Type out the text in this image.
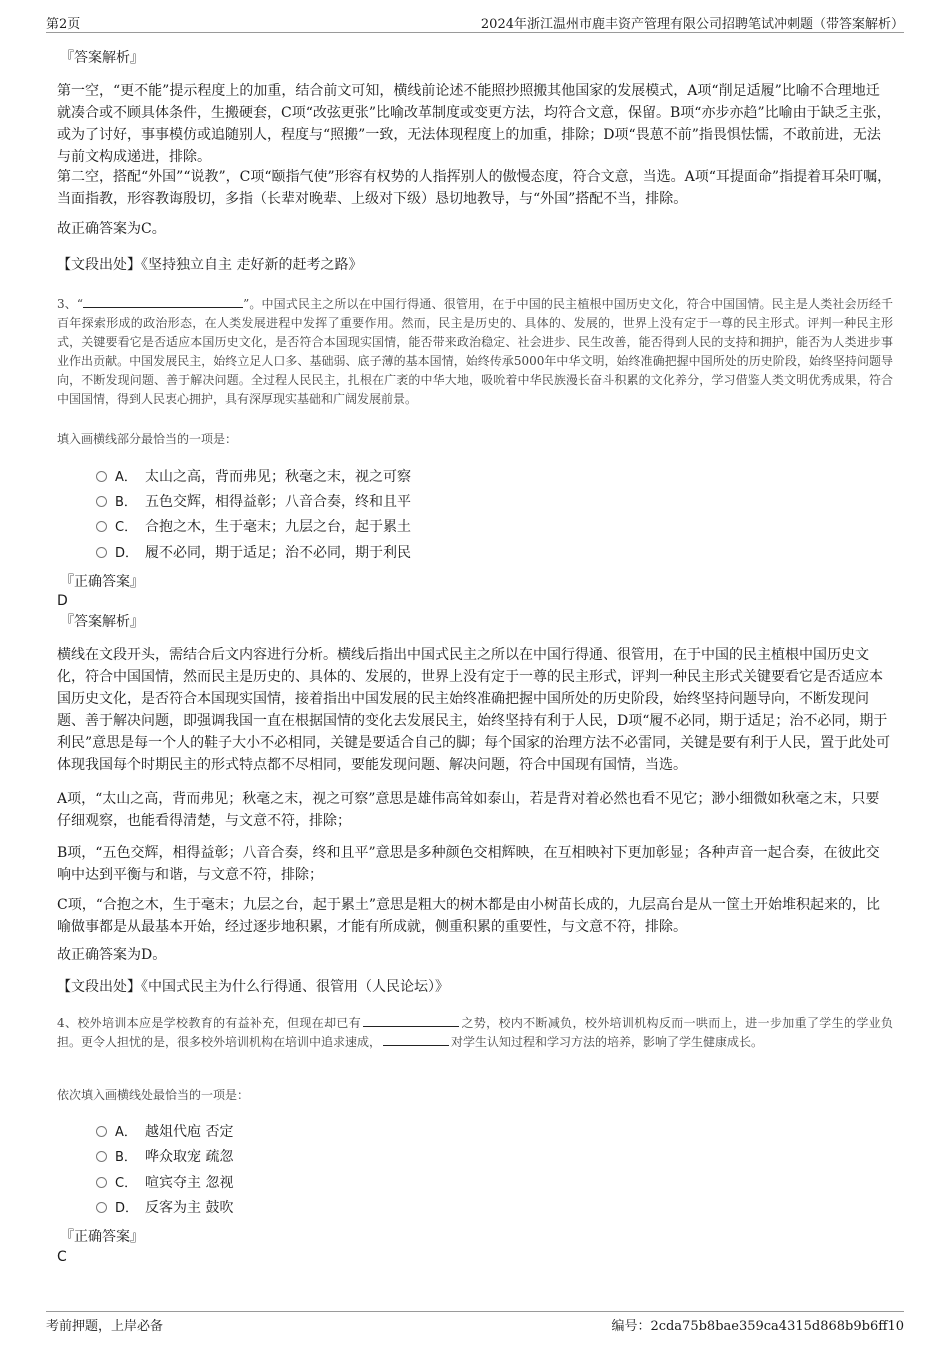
第2页	2024年浙江温州市鹿丰资产管理有限公司招聘笔试冲刺题（带答案解析）
『答案解析』

第一空，“更不能”提示程度上的加重，结合前文可知，横线前论述不能照抄照搬其他国家的发展模式，A项“削足适履”比喻不合理地迁就凑合或不顾具体条件，生搬硬套，C项“改弦更张”比喻改革制度或变更方法，均符合文意，保留。B项“亦步亦趋”比喻由于缺乏主张，或为了讨好，事事模仿或追随别人，程度与“照搬”一致，无法体现程度上的加重，排除；D项“畏葸不前”指畏惧怯懦，不敢前进，无法与前文构成递进，排除。

第二空，搭配“外国”“说教”，C项“颐指气使”形容有权势的人指挥别人的傲慢态度，符合文意，当选。A项“耳提面命”指提着耳朵叮嘱，当面指教，形容教诲殷切，多指（长辈对晚辈、上级对下级）恳切地教导，与“外国”搭配不当，排除。

故正确答案为C。

【文段出处】《坚持独立自主 走好新的赶考之路》

3、“	”。中国式民主之所以在中国行得通、很管用，在于中国的民主植根中国历史文化，符合中国国情。民主是人类社会历经千百年探索形成的政治形态，在人类发展进程中发挥了重要作用。然而，民主是历史的、具体的、发展的，世界上没有定于一尊的民主形式。评判一种民主形式，关键要看它是否适应本国历史文化，是否符合本国现实国情，能否带来政治稳定、社会进步、民生改善，能否得到人民的支持和拥护，能否为人类进步事业作出贡献。中国发展民主，始终立足人口多、基础弱、底子薄的基本国情，始终传承5000年中华文明，始终准确把握中国所处的历史阶段，始终坚持问题导向，不断发现问题、善于解决问题。全过程人民民主，扎根在广袤的中华大地，吸吮着中华民族漫长奋斗积累的文化养分，学习借鉴人类文明优秀成果，符合中国国情，得到人民衷心拥护，具有深厚现实基础和广阔发展前景。

填入画横线部分最恰当的一项是：

A． 太山之高，背而弗见；秋毫之末，视之可察
B． 五色交辉，相得益彰；八音合奏，终和且平
C． 合抱之木，生于毫末；九层之台，起于累土
D． 履不必同，期于适足；治不必同，期于利民
『正确答案』
D
『答案解析』

横线在文段开头，需结合后文内容进行分析。横线后指出中国式民主之所以在中国行得通、很管用，在于中国的民主植根中国历史文化，符合中国国情，然而民主是历史的、具体的、发展的，世界上没有定于一尊的民主形式，评判一种民主形式关键要看它是否适应本国历史文化，是否符合本国现实国情，接着指出中国发展的民主始终准确把握中国所处的历史阶段，始终坚持问题导向，不断发现问题、善于解决问题，即强调我国一直在根据国情的变化去发展民主，始终坚持有利于人民，D项“履不必同，期于适足；治不必同，期于利民”意思是每一个人的鞋子大小不必相同，关键是要适合自己的脚；每个国家的治理方法不必雷同，关键是要有利于人民，置于此处可体现我国每个时期民主的形式特点都不尽相同，要能发现问题、解决问题，符合中国现有国情，当选。

A项，“太山之高，背而弗见；秋毫之末，视之可察”意思是雄伟高耸如泰山，若是背对着必然也看不见它；渺小细微如秋毫之末，只要仔细观察，也能看得清楚，与文意不符，排除；

B项，“五色交辉，相得益彰；八音合奏，终和且平”意思是多种颜色交相辉映，在互相映衬下更加彰显；各种声音一起合奏，在彼此交响中达到平衡与和谐，与文意不符，排除；

C项，“合抱之木，生于毫末；九层之台，起于累土”意思是粗大的树木都是由小树苗长成的，九层高台是从一筐土开始堆积起来的，比喻做事都是从最基本开始，经过逐步地积累，才能有所成就，侧重积累的重要性，与文意不符，排除。

故正确答案为D。

【文段出处】《中国式民主为什么行得通、很管用（人民论坛）》

4、校外培训本应是学校教育的有益补充，但现在却已有	之势，校内不断减负，校外培训机构反而一哄而上，进一步加重了学生的学业负担。更令人担忧的是，很多校外培训机构在培训中追求速成，	对学生认知过程和学习方法的培养，影响了学生健康成长。

依次填入画横线处最恰当的一项是：

A． 越俎代庖 否定
B． 哗众取宠 疏忽
C． 喧宾夺主 忽视
D． 反客为主 鼓吹
『正确答案』
C
考前押题，上岸必备	编号：2cda75b8bae359ca4315d868b9b6ff10
